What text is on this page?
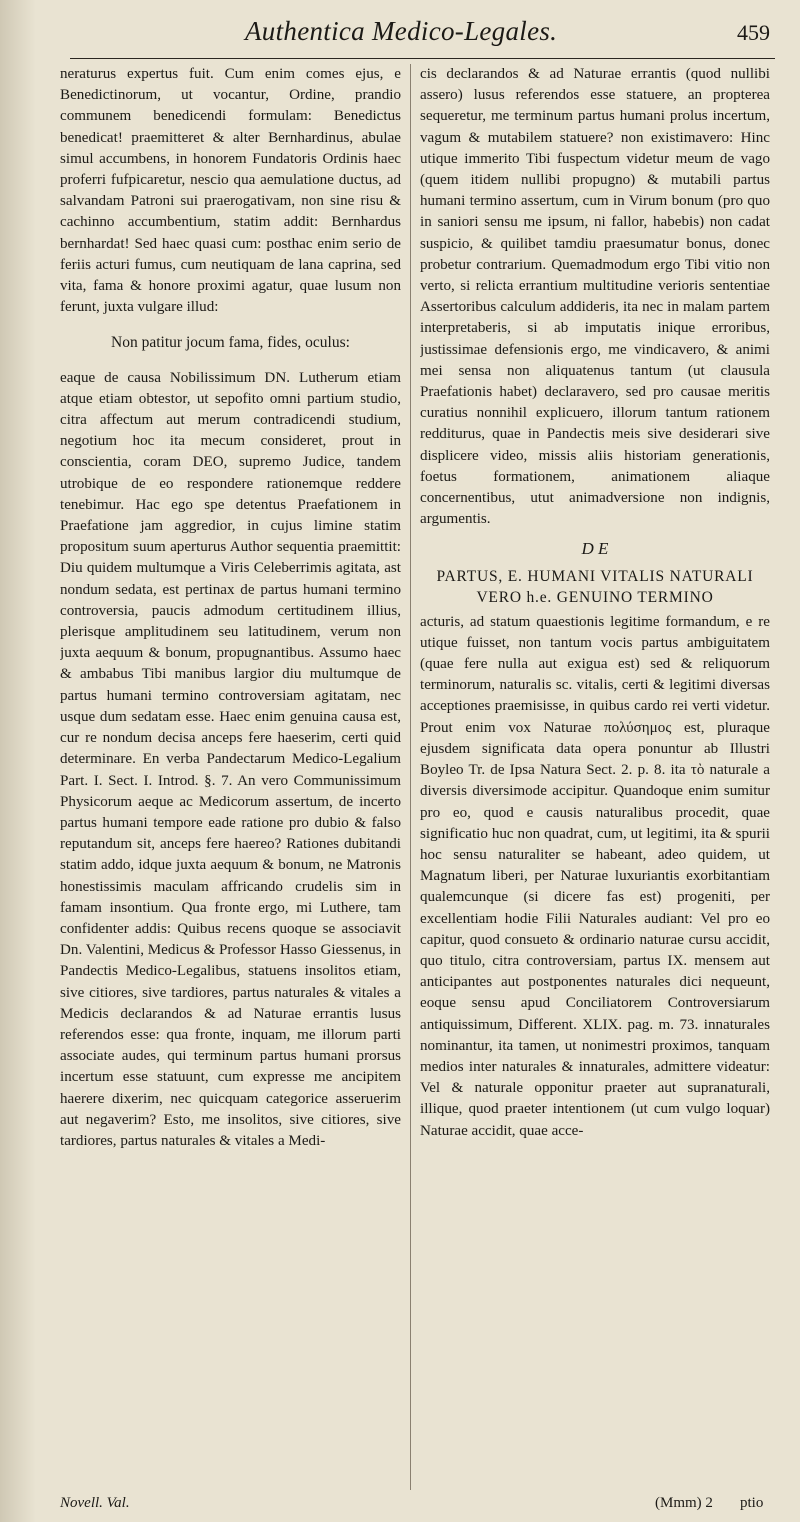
Authentica Medico-Legales.	459

neraturus expertus fuit. Cum enim comes ejus, e Benedictinorum, ut vocantur, Ordine, prandio communem benedicendi formulam: Benedictus benedicat! praemitteret & alter Bernhardinus, abulae simul accumbens, in honorem Fundatoris Ordinis haec proferri fufpicaretur, nescio qua aemulatione ductus, ad salvandam Patroni sui praerogativam, non sine risu & cachinno accumbentium, statim addit: Bernhardus bernhardat! Sed haec quasi cum: posthac enim serio de feriis acturi fumus, cum neutiquam de lana caprina, sed vita, fama & honore proximi agatur, quae lusum non ferunt, juxta vulgare illud:

Non patitur jocum fama, fides, oculus:

eaque de causa Nobilissimum DN. Lutherum etiam atque etiam obtestor, ut sepofito omni partium studio, citra affectum aut merum contradicendi studium, negotium hoc ita mecum consideret, prout in conscientia, coram DEO, supremo Judice, tandem utrobique de eo respondere rationemque reddere tenebimur. Hac ego spe detentus Praefationem in Praefatione jam aggredior, in cujus limine statim propositum suum aperturus Author sequentia praemittit: Diu quidem multumque a Viris Celeberrimis agitata, ast nondum sedata, est pertinax de partus humani termino controversia, paucis admodum certitudinem illius, plerisque amplitudinem seu latitudinem, verum non juxta aequum & bonum, propugnantibus. Assumo haec & ambabus Tibi manibus largior diu multumque de partus humani termino controversiam agitatam, nec usque dum sedatam esse. Haec enim genuina causa est, cur re nondum decisa anceps fere haeserim, certi quid determinare. En verba Pandectarum Medico-Legalium Part. I. Sect. I. Introd. §. 7. An vero Communissimum Physicorum aeque ac Medicorum assertum, de incerto partus humani tempore eade ratione pro dubio & falso reputandum sit, anceps fere haereo? Rationes dubitandi statim addo, idque juxta aequum & bonum, ne Matronis honestissimis maculam affricando crudelis sim in famam insontium. Qua fronte ergo, mi Luthere, tam confidenter addis: Quibus recens quoque se associavit Dn. Valentini, Medicus & Professor Hasso Giessenus, in Pandectis Medico-Legalibus, statuens insolitos etiam, sive citiores, sive tardiores, partus naturales & vitales a Medicis declarandos & ad Naturae errantis lusus referendos esse: qua fronte, inquam, me illorum parti associate audes, qui terminum partus humani prorsus incertum esse statuunt, cum expresse me ancipitem haerere dixerim, nec quicquam categorice asseruerim aut negaverim? Esto, me insolitos, sive citiores, sive tardiores, partus naturales & vitales a Medi-

cis declarandos & ad Naturae errantis (quod nullibi assero) lusus referendos esse statuere, an propterea sequeretur, me terminum partus humani prolus incertum, vagum & mutabilem statuere? non existimavero: Hinc utique immerito Tibi fuspectum videtur meum de vago (quem itidem nullibi propugno) & mutabili partus humani termino assertum, cum in Virum bonum (pro quo in saniori sensu me ipsum, ni fallor, habebis) non cadat suspicio, & quilibet tamdiu praesumatur bonus, donec probetur contrarium. Quemadmodum ergo Tibi vitio non verto, si relicta errantium multitudine verioris sententiae Assertoribus calculum addideris, ita nec in malam partem interpretaberis, si ab imputatis inique erroribus, justissimae defensionis ergo, me vindicavero, & animi mei sensa non aliquatenus tantum (ut clausula Praefationis habet) declaravero, sed pro causae meritis curatius nonnihil explicuero, illorum tantum rationem redditurus, quae in Pandectis meis sive desiderari sive displicere video, missis aliis historiam generationis, foetus formationem, animationem aliaque concernentibus, utut animadversione non indignis, argumentis.

D E
PARTUS, E. HUMANI VITALIS NATURALI VERO h.e. GENUINO TERMINO

acturis, ad statum quaestionis legitime formandum, e re utique fuisset, non tantum vocis partus ambiguitatem (quae fere nulla aut exigua est) sed & reliquorum terminorum, naturalis sc. vitalis, certi & legitimi diversas acceptiones praemisisse, in quibus cardo rei verti videtur. Prout enim vox Naturae πολύσημος est, pluraque ejusdem significata data opera ponuntur ab Illustri Boyleo Tr. de Ipsa Natura Sect. 2. p. 8. ita τὸ naturale a diversis diversimode accipitur. Quandoque enim sumitur pro eo, quod e causis naturalibus procedit, quae significatio huc non quadrat, cum, ut legitimi, ita & spurii hoc sensu naturaliter se habeant, adeo quidem, ut Magnatum liberi, per Naturae luxuriantis exorbitantiam qualemcunque (si dicere fas est) progeniti, per excellentiam hodie Filii Naturales audiant: Vel pro eo capitur, quod consueto & ordinario naturae cursu accidit, quo titulo, citra controversiam, partus IX. mensem aut anticipantes aut postponentes naturales dici nequeunt, eoque sensu apud Conciliatorem Controversiarum antiquissimum, Different. XLIX. pag. m. 73. innaturales nominantur, ita tamen, ut nonimestri proximos, tanquam medios inter naturales & innaturales, admittere videatur: Vel & naturale opponitur praeter aut supranaturali, illique, quod praeter intentionem (ut cum vulgo loquar) Naturae accidit, quae acce-

Novell. Val.	(Mmm) 2 ptio
